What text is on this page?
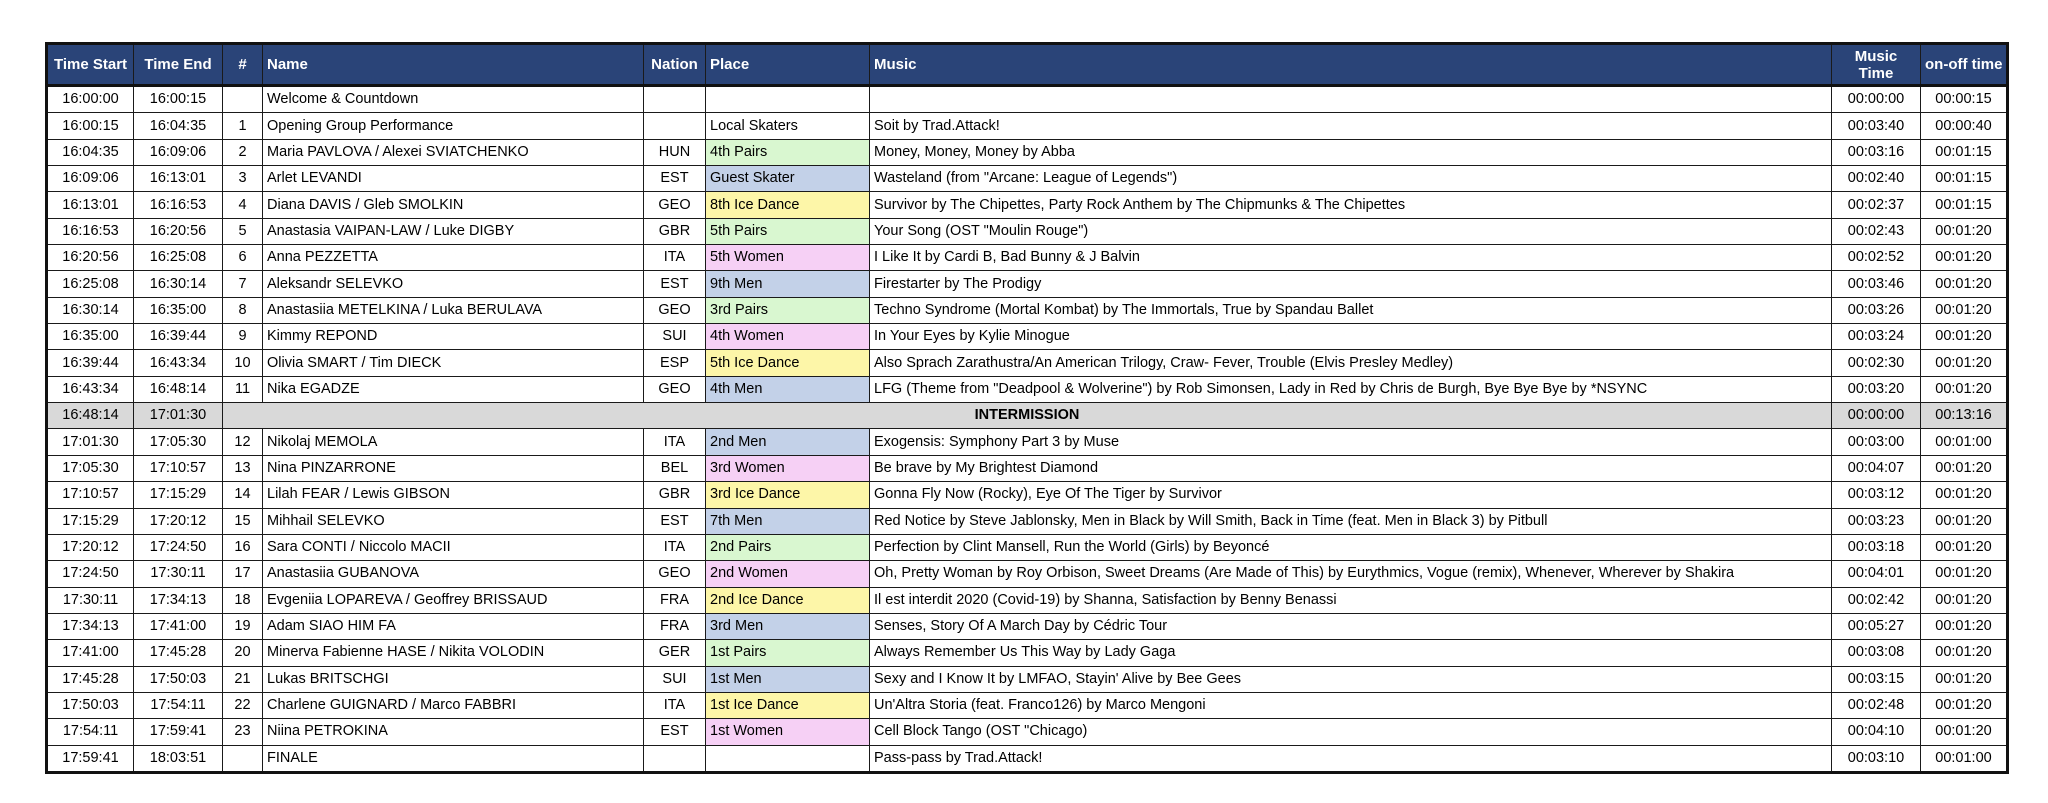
Time Start	Time End	#	Name	Nation	Place	Music	Music Time	on-off time
16:00:00	16:00:15		Welcome & Countdown				00:00:00	00:00:15
16:00:15	16:04:35	1	Opening Group Performance		Local Skaters	Soit by Trad.Attack!	00:03:40	00:00:40
16:04:35	16:09:06	2	Maria PAVLOVA / Alexei SVIATCHENKO	HUN	4th Pairs	Money, Money, Money by Abba	00:03:16	00:01:15
16:09:06	16:13:01	3	Arlet LEVANDI	EST	Guest Skater	Wasteland (from "Arcane: League of Legends")	00:02:40	00:01:15
16:13:01	16:16:53	4	Diana DAVIS / Gleb SMOLKIN	GEO	8th Ice Dance	Survivor by The Chipettes, Party Rock Anthem by The Chipmunks & The Chipettes	00:02:37	00:01:15
16:16:53	16:20:56	5	Anastasia VAIPAN-LAW / Luke DIGBY	GBR	5th Pairs	Your Song (OST "Moulin Rouge")	00:02:43	00:01:20
16:20:56	16:25:08	6	Anna PEZZETTA	ITA	5th Women	I Like It by Cardi B, Bad Bunny & J Balvin	00:02:52	00:01:20
16:25:08	16:30:14	7	Aleksandr SELEVKO	EST	9th Men	Firestarter by The Prodigy	00:03:46	00:01:20
16:30:14	16:35:00	8	Anastasiia METELKINA / Luka BERULAVA	GEO	3rd Pairs	Techno Syndrome (Mortal Kombat) by The Immortals, True by Spandau Ballet	00:03:26	00:01:20
16:35:00	16:39:44	9	Kimmy REPOND	SUI	4th Women	In Your Eyes by Kylie Minogue	00:03:24	00:01:20
16:39:44	16:43:34	10	Olivia SMART / Tim DIECK	ESP	5th Ice Dance	Also Sprach Zarathustra/An American Trilogy, Craw- Fever, Trouble (Elvis Presley Medley)	00:02:30	00:01:20
16:43:34	16:48:14	11	Nika EGADZE	GEO	4th Men	LFG (Theme from "Deadpool & Wolverine") by Rob Simonsen, Lady in Red by Chris de Burgh, Bye Bye Bye by *NSYNC	00:03:20	00:01:20
16:48:14	17:01:30	INTERMISSION					00:00:00	00:13:16
17:01:30	17:05:30	12	Nikolaj MEMOLA	ITA	2nd Men	Exogensis: Symphony Part 3 by Muse	00:03:00	00:01:00
17:05:30	17:10:57	13	Nina PINZARRONE	BEL	3rd Women	Be brave by My Brightest Diamond	00:04:07	00:01:20
17:10:57	17:15:29	14	Lilah FEAR / Lewis GIBSON	GBR	3rd Ice Dance	Gonna Fly Now (Rocky), Eye Of The Tiger by Survivor	00:03:12	00:01:20
17:15:29	17:20:12	15	Mihhail SELEVKO	EST	7th Men	Red Notice by Steve Jablonsky, Men in Black by Will Smith, Back in Time (feat. Men in Black 3) by Pitbull	00:03:23	00:01:20
17:20:12	17:24:50	16	Sara CONTI / Niccolo MACII	ITA	2nd Pairs	Perfection by Clint Mansell, Run the World (Girls) by Beyoncé	00:03:18	00:01:20
17:24:50	17:30:11	17	Anastasiia GUBANOVA	GEO	2nd Women	Oh, Pretty Woman by Roy Orbison, Sweet Dreams (Are Made of This) by Eurythmics, Vogue (remix), Whenever, Wherever by Shakira	00:04:01	00:01:20
17:30:11	17:34:13	18	Evgeniia LOPAREVA / Geoffrey BRISSAUD	FRA	2nd Ice Dance	Il est interdit 2020 (Covid-19) by Shanna, Satisfaction by Benny Benassi	00:02:42	00:01:20
17:34:13	17:41:00	19	Adam SIAO HIM FA	FRA	3rd Men	Senses, Story Of A March Day by Cédric Tour	00:05:27	00:01:20
17:41:00	17:45:28	20	Minerva Fabienne HASE / Nikita VOLODIN	GER	1st Pairs	Always Remember Us This Way by Lady Gaga	00:03:08	00:01:20
17:45:28	17:50:03	21	Lukas BRITSCHGI	SUI	1st Men	Sexy and I Know It by LMFAO, Stayin' Alive by Bee Gees	00:03:15	00:01:20
17:50:03	17:54:11	22	Charlene GUIGNARD / Marco FABBRI	ITA	1st Ice Dance	Un'Altra Storia (feat. Franco126) by Marco Mengoni	00:02:48	00:01:20
17:54:11	17:59:41	23	Niina PETROKINA	EST	1st Women	Cell Block Tango (OST "Chicago)	00:04:10	00:01:20
17:59:41	18:03:51		FINALE			Pass-pass by Trad.Attack!	00:03:10	00:01:00
